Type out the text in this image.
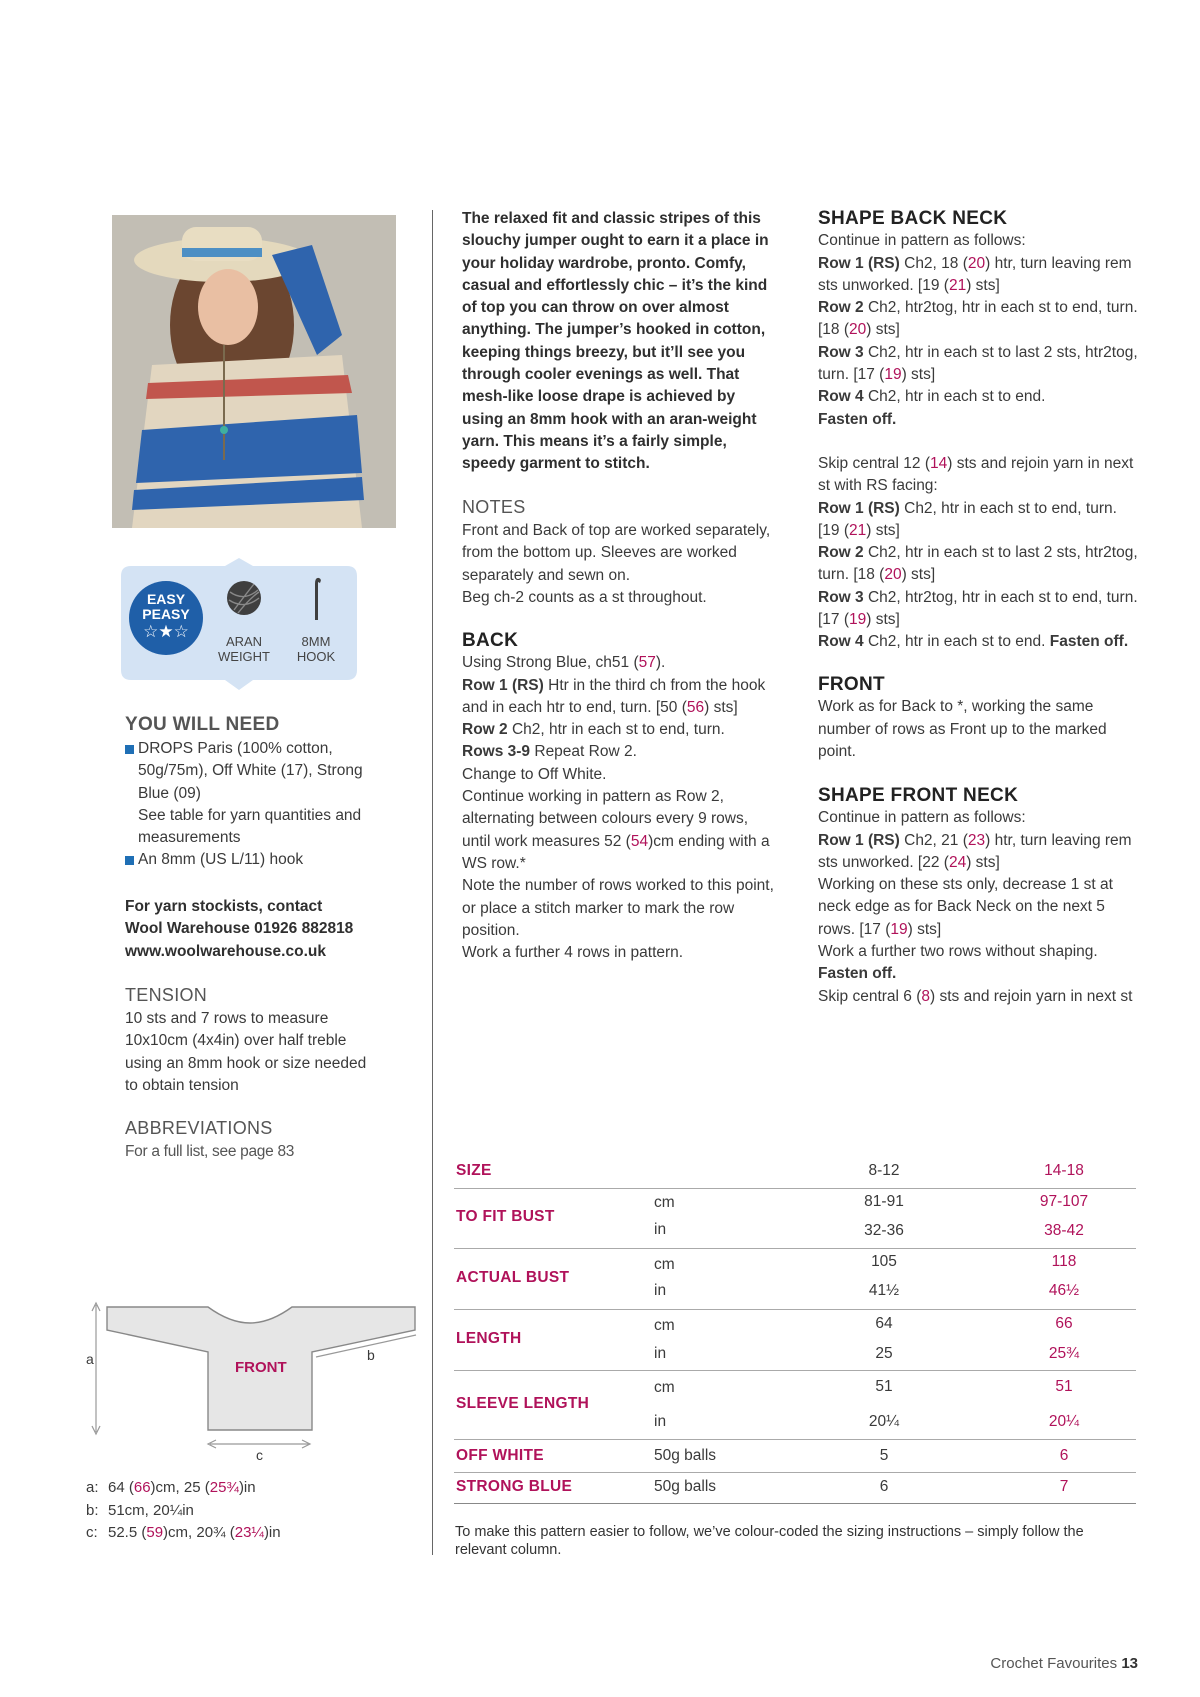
EASY
PEASY
☆★☆
ARAN
WEIGHT
8MM
HOOK
YOU WILL NEED
DROPS Paris (100% cotton, 50g/75m), Off White (17), Strong Blue (09)
See table for yarn quantities and measurements
An 8mm (US L/11) hook
For yarn stockists, contact
Wool Warehouse 01926 882818
www.woolwarehouse.co.uk
TENSION
10 sts and 7 rows to measure 10x10cm (4x4in) over half treble using an 8mm hook or size needed to obtain tension
ABBREVIATIONS
For a full list, see page 83
FRONT
a	b
c
a: 64 (66)cm, 25 (25¾)in
b: 51cm, 20¼in
c: 52.5 (59)cm, 20¾ (23¼)in
The relaxed fit and classic stripes of this slouchy jumper ought to earn it a place in your holiday wardrobe, pronto. Comfy, casual and effortlessly chic – it’s the kind of top you can throw on over almost anything. The jumper’s hooked in cotton, keeping things breezy, but it’ll see you through cooler evenings as well. That mesh-like loose drape is achieved by using an 8mm hook with an aran-weight yarn. This means it’s a fairly simple, speedy garment to stitch.
NOTES
Front and Back of top are worked separately, from the bottom up. Sleeves are worked separately and sewn on.
Beg ch-2 counts as a st throughout.
BACK
Using Strong Blue, ch51 (57).
Row 1 (RS) Htr in the third ch from the hook and in each htr to end, turn. [50 (56) sts]
Row 2 Ch2, htr in each st to end, turn.
Rows 3-9 Repeat Row 2.
Change to Off White.
Continue working in pattern as Row 2, alternating between colours every 9 rows, until work measures 52 (54)cm ending with a WS row.*
Note the number of rows worked to this point, or place a stitch marker to mark the row position.
Work a further 4 rows in pattern.
SHAPE BACK NECK
Continue in pattern as follows:
Row 1 (RS) Ch2, 18 (20) htr, turn leaving rem sts unworked. [19 (21) sts]
Row 2 Ch2, htr2tog, htr in each st to end, turn. [18 (20) sts]
Row 3 Ch2, htr in each st to last 2 sts, htr2tog, turn. [17 (19) sts]
Row 4 Ch2, htr in each st to end.
Fasten off.
Skip central 12 (14) sts and rejoin yarn in next st with RS facing:
Row 1 (RS) Ch2, htr in each st to end, turn. [19 (21) sts]
Row 2 Ch2, htr in each st to last 2 sts, htr2tog, turn. [18 (20) sts]
Row 3 Ch2, htr2tog, htr in each st to end, turn. [17 (19) sts]
Row 4 Ch2, htr in each st to end. Fasten off.
FRONT
Work as for Back to *, working the same number of rows as Front up to the marked point.
SHAPE FRONT NECK
Continue in pattern as follows:
Row 1 (RS) Ch2, 21 (23) htr, turn leaving rem sts unworked. [22 (24) sts]
Working on these sts only, decrease 1 st at neck edge as for Back Neck on the next 5 rows. [17 (19) sts]
Work a further two rows without shaping.
Fasten off.
Skip central 6 (8) sts and rejoin yarn in next st
SIZE	8-12	14-18
TO FIT BUST
cm	81-91	97-107
in	32-36	38-42
ACTUAL BUST
cm	105	118
in	41½	46½
LENGTH
cm	64	66
in	25	25¾
SLEEVE LENGTH
cm	51	51
in	20¼	20¼
OFF WHITE	50g balls	5	6
STRONG BLUE	50g balls	6	7
To make this pattern easier to follow, we’ve colour-coded the sizing instructions – simply follow the relevant column.
Crochet Favourites 13
